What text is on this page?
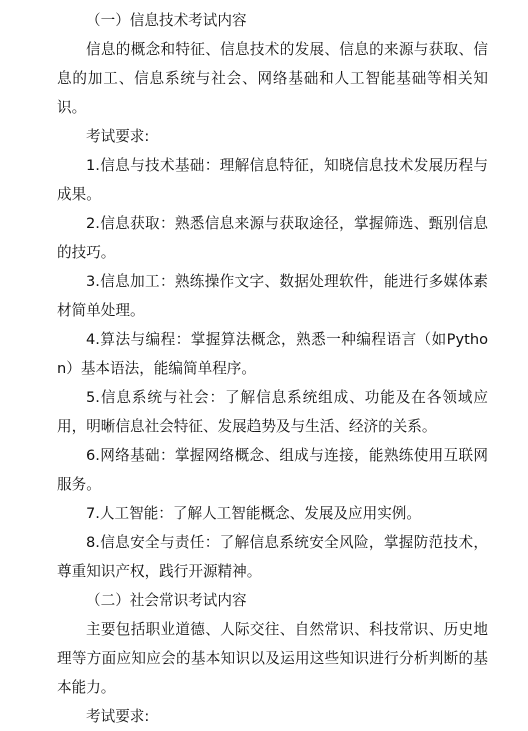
（一）信息技术考试内容

信息的概念和特征、信息技术的发展、信息的来源与获取、信息的加工、信息系统与社会、网络基础和人工智能基础等相关知识。

考试要求:

1.信息与技术基础：理解信息特征，知晓信息技术发展历程与成果。

2.信息获取：熟悉信息来源与获取途径，掌握筛选、甄别信息的技巧。

3.信息加工：熟练操作文字、数据处理软件，能进行多媒体素材简单处理。

4.算法与编程：掌握算法概念，熟悉一种编程语言（如Python）基本语法，能编简单程序。

5.信息系统与社会：了解信息系统组成、功能及在各领域应用，明晰信息社会特征、发展趋势及与生活、经济的关系。

6.网络基础：掌握网络概念、组成与连接，能熟练使用互联网服务。

7.人工智能：了解人工智能概念、发展及应用实例。

8.信息安全与责任：了解信息系统安全风险，掌握防范技术，尊重知识产权，践行开源精神。

（二）社会常识考试内容

主要包括职业道德、人际交往、自然常识、科技常识、历史地理等方面应知应会的基本知识以及运用这些知识进行分析判断的基本能力。

考试要求:
